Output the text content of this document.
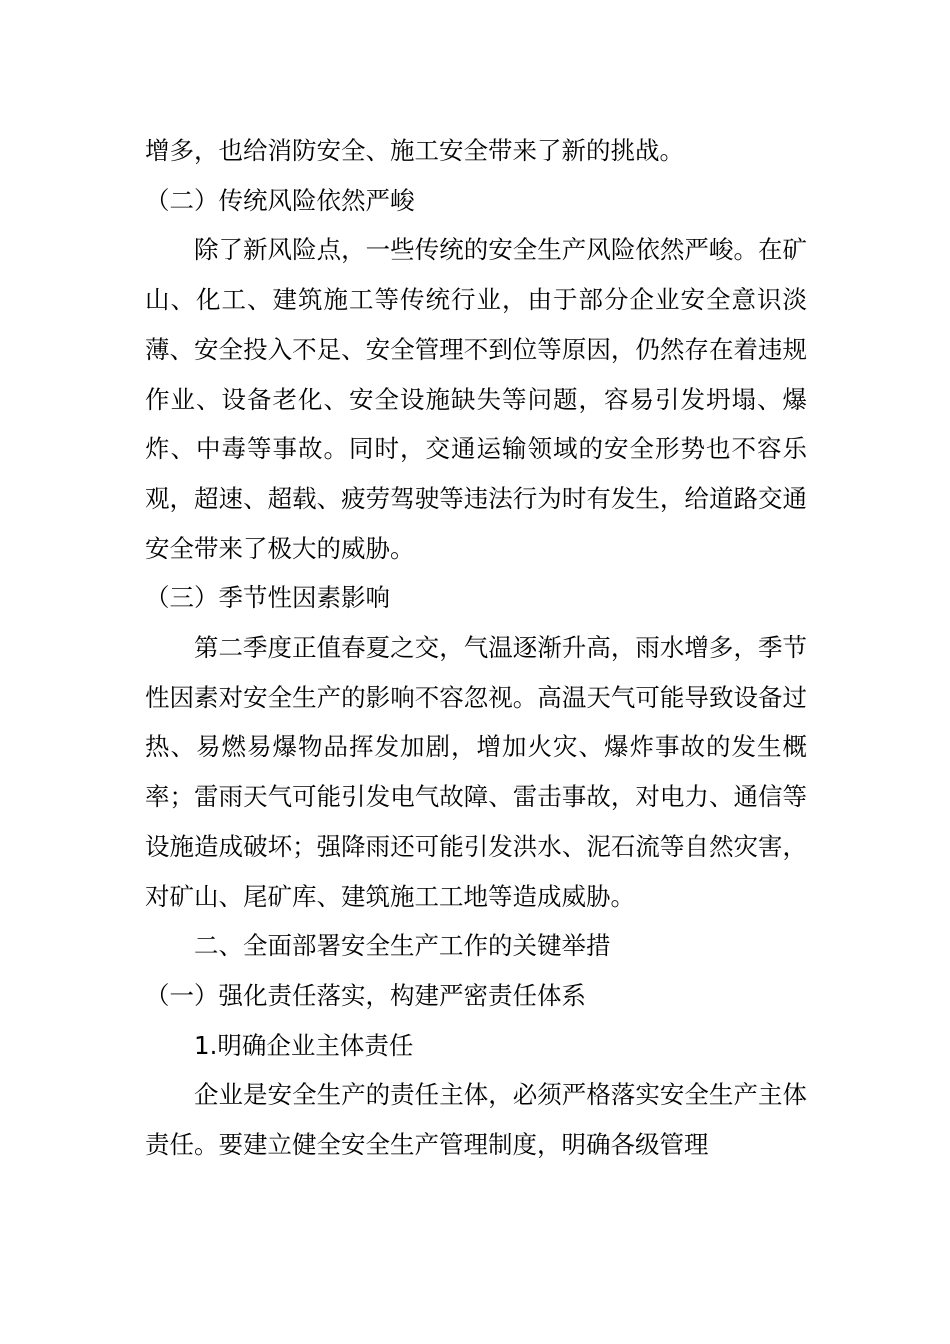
增多，也给消防安全、施工安全带来了新的挑战。

（二）传统风险依然严峻

除了新风险点，一些传统的安全生产风险依然严峻。在矿山、化工、建筑施工等传统行业，由于部分企业安全意识淡薄、安全投入不足、安全管理不到位等原因，仍然存在着违规作业、设备老化、安全设施缺失等问题，容易引发坍塌、爆炸、中毒等事故。同时，交通运输领域的安全形势也不容乐观，超速、超载、疲劳驾驶等违法行为时有发生，给道路交通安全带来了极大的威胁。

（三）季节性因素影响

第二季度正值春夏之交，气温逐渐升高，雨水增多，季节性因素对安全生产的影响不容忽视。高温天气可能导致设备过热、易燃易爆物品挥发加剧，增加火灾、爆炸事故的发生概率；雷雨天气可能引发电气故障、雷击事故，对电力、通信等设施造成破坏；强降雨还可能引发洪水、泥石流等自然灾害，对矿山、尾矿库、建筑施工工地等造成威胁。

二、全面部署安全生产工作的关键举措

（一）强化责任落实，构建严密责任体系

1.明确企业主体责任

企业是安全生产的责任主体，必须严格落实安全生产主体责任。要建立健全安全生产管理制度，明确各级管理
